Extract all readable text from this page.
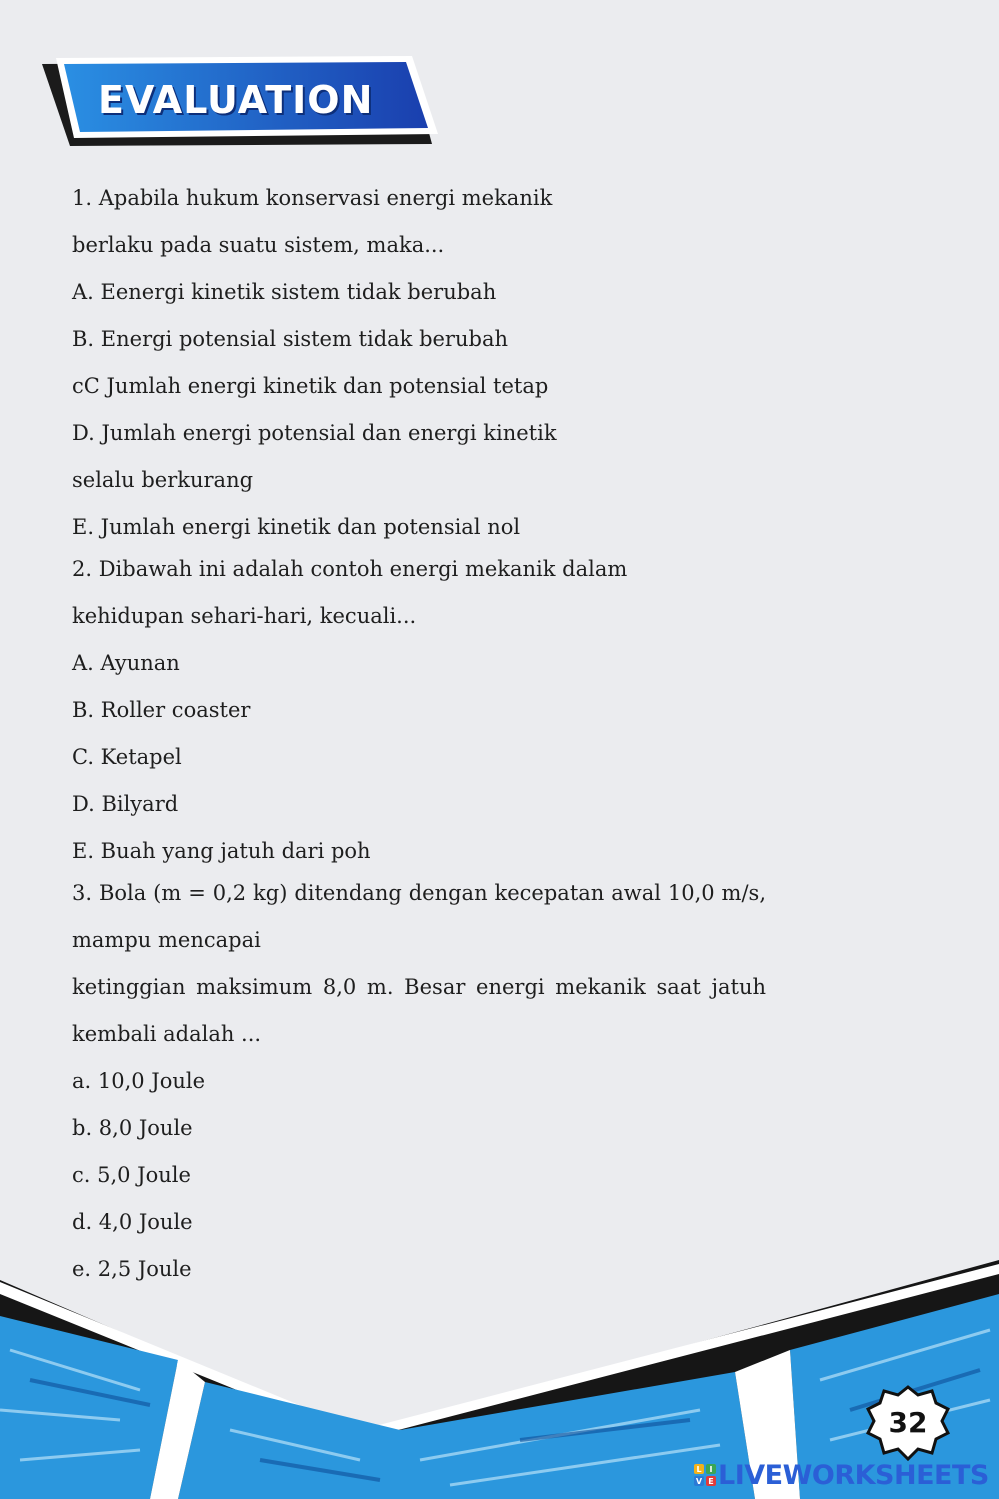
EVALUATION
1. Apabila hukum konservasi energi mekanik
berlaku pada suatu sistem, maka...
A. Eenergi kinetik sistem tidak berubah
B. Energi potensial sistem tidak berubah
cC Jumlah energi kinetik dan potensial tetap
D. Jumlah energi potensial dan energi kinetik
selalu berkurang
E. Jumlah energi kinetik dan potensial nol
2. Dibawah ini adalah contoh energi mekanik dalam
kehidupan sehari-hari, kecuali...
A. Ayunan
B. Roller coaster
C. Ketapel
D. Bilyard
E. Buah yang jatuh dari poh
3. Bola (m = 0,2 kg) ditendang dengan kecepatan awal 10,0 m/s,
mampu mencapai
ketinggian maksimum 8,0 m. Besar energi mekanik saat jatuh
kembali adalah ...
a. 10,0 Joule
b. 8,0 Joule
c. 5,0 Joule
d. 4,0 Joule
e. 2,5 Joule
32
L I
V E LIVEWORKSHEETS
